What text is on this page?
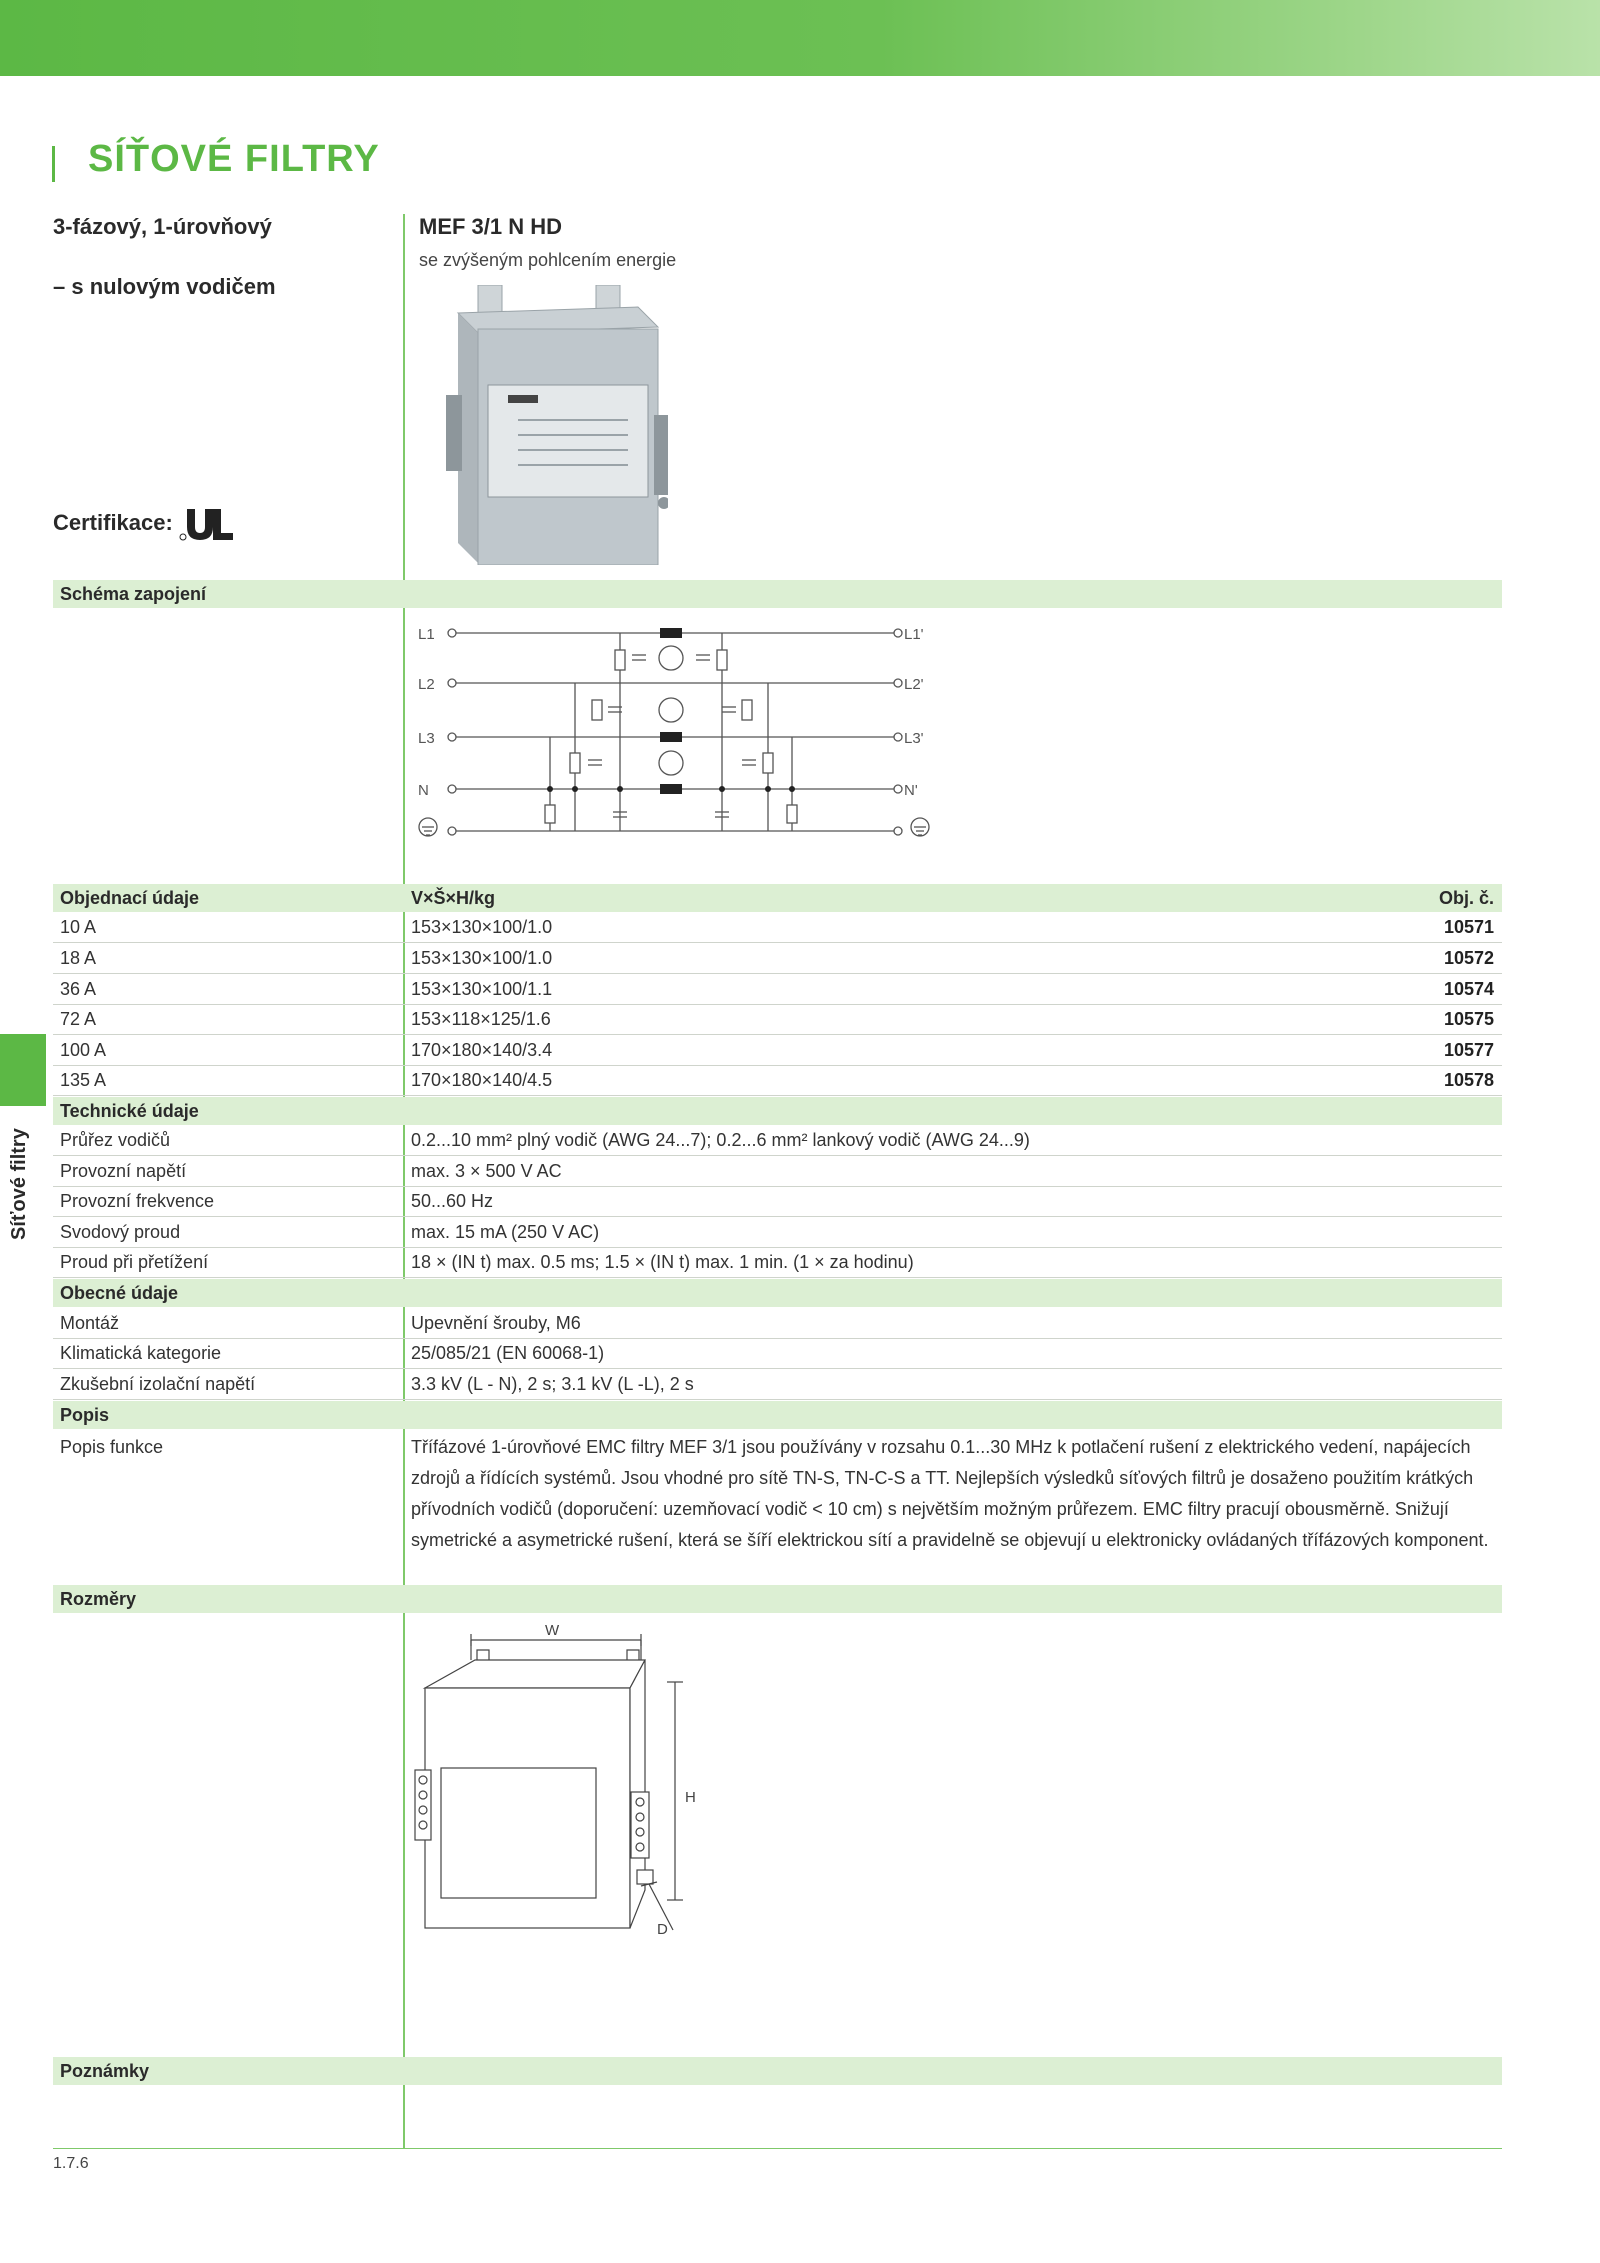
SÍŤOVÉ FILTRY
3-fázový, 1-úrovňový
– s nulovým vodičem
MEF 3/1 N HD
se zvýšeným pohlcením energie
Certifikace:
Schéma zapojení
L1
L2
L3
N
L1'
L2'
L3'
N'
Objednací údaje	V×Š×H/kg	Obj. č.
10 A	153×130×100/1.0	10571
18 A	153×130×100/1.0	10572
36 A	153×130×100/1.1	10574
72 A	153×118×125/1.6	10575
100 A	170×180×140/3.4	10577
135 A	170×180×140/4.5	10578
Technické údaje
Průřez vodičů	0.2...10 mm² plný vodič (AWG 24...7); 0.2...6 mm² lankový vodič (AWG 24...9)
Provozní napětí	max. 3 × 500 V AC
Provozní frekvence	50...60 Hz
Svodový proud	max. 15 mA (250 V AC)
Proud při přetížení	18 × (IN t) max. 0.5 ms; 1.5 × (IN t) max. 1 min. (1 × za hodinu)
Obecné údaje
Montáž	Upevnění šrouby, M6
Klimatická kategorie	25/085/21 (EN 60068-1)
Zkušební izolační napětí	3.3 kV (L - N), 2 s; 3.1 kV (L -L), 2 s
Popis
Popis funkce	Třífázové 1-úrovňové EMC filtry MEF 3/1 jsou používány v rozsahu 0.1...30 MHz k potlačení rušení z elektrického vedení, napájecích zdrojů a řídících systémů. Jsou vhodné pro sítě TN-S, TN-C-S a TT. Nejlepších výsledků síťových filtrů je dosaženo použitím krátkých přívodních vodičů (doporučení: uzemňovací vodič < 10 cm) s největším možným průřezem. EMC filtry pracují obousměrně. Snižují symetrické a asymetrické rušení, která se šíří elektrickou sítí a pravidelně se objevují u elektronicky ovládaných třífázových komponent.
Rozměry
W
H
D
Poznámky
1.7.6
Síťové filtry
